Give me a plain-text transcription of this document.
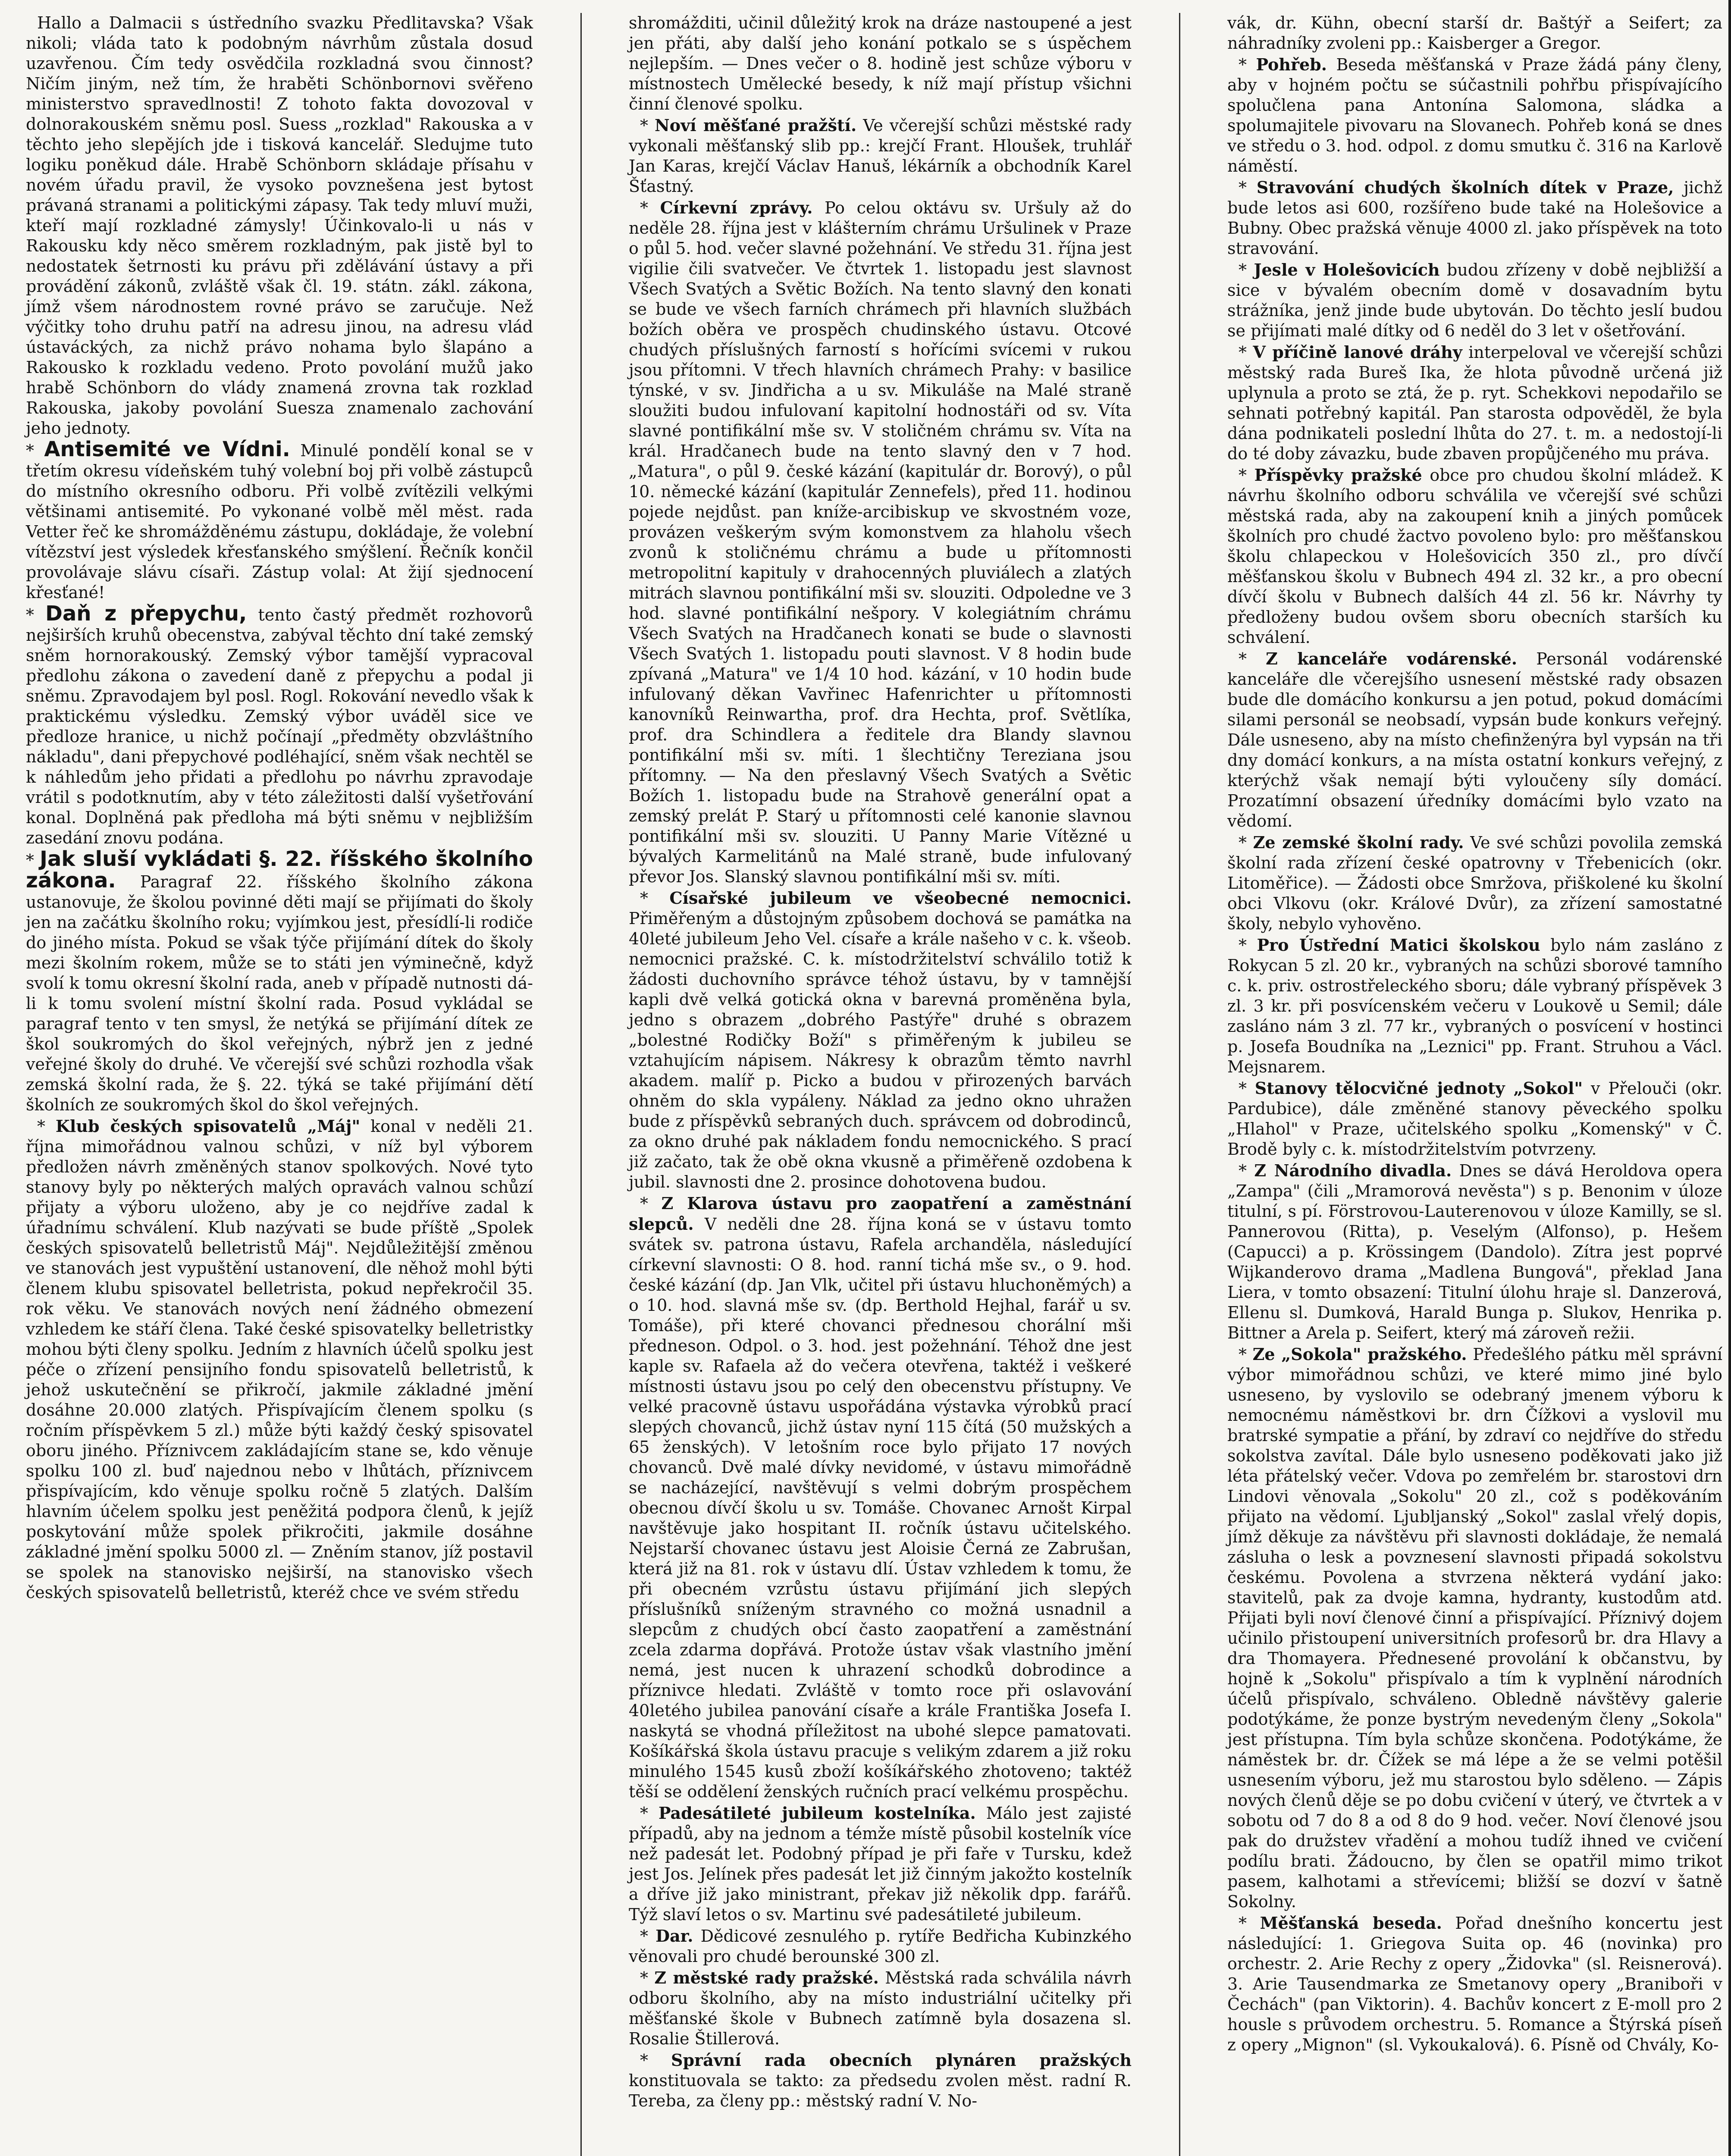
Hallo a Dalmacii s ústředního svazku Předlitavska? Však nikoli; vláda tato k podobným návrhům zůstala dosud uzavřenou. Čím tedy osvědčila rozkladná svou činnost? Ničím jiným, než tím, že hraběti Schönbornovi svěřeno ministerstvo spravedlnosti! Z tohoto fakta dovozoval v dolnorakouském sněmu posl. Suess „rozklad" Rakouska a v těchto jeho slepějích jde i tisková kancelář. Sledujme tuto logiku poněkud dále. Hrabě Schönborn skládaje přísahu v novém úřadu pravil, že vysoko povznešena jest bytost právaná stranami a politickými zápasy. Tak tedy mluví muži, kteří mají rozkladné zámysly! Účinkovalo-li u nás v Rakousku kdy něco směrem rozkladným, pak jistě byl to nedostatek šetrnosti ku právu při zdělávání ústavy a při provádění zákonů, zvláště však čl. 19. státn. zákl. zákona, jímž všem národnostem rovné právo se zaručuje. Než výčitky toho druhu patří na adresu jinou, na adresu vlád ústaváckých, za nichž právo nohama bylo šlapáno a Rakousko k rozkladu vedeno. Proto povolání mužů jako hrabě Schönborn do vlády znamená zrovna tak rozklad Rakouska, jakoby povolání Suesza znamenalo zachování jeho jednoty.

* Antisemité ve Vídni. Minulé pondělí konal se v třetím okresu vídeňském tuhý volební boj při volbě zástupců do místního okresního odboru. Při volbě zvítězili velkými většinami antisemité. Po vykonané volbě měl měst. rada Vetter řeč ke shromážděnému zástupu, dokládaje, že volební vítězství jest výsledek křesťanského smýšlení. Řečník končil provolávaje slávu císaři. Zástup volal: At žijí sjednocení křesťané!

* Daň z přepychu, tento častý předmět rozhovorů nejširších kruhů obecenstva, zabýval těchto dní také zemský sněm hornorakouský. Zemský výbor tamější vypracoval předlohu zákona o zavedení daně z přepychu a podal ji sněmu. Zpravodajem byl posl. Rogl. Rokování nevedlo však k praktickému výsledku. Zemský výbor uváděl sice ve předloze hranice, u nichž počínají „předměty obzvláštního nákladu", dani přepychové podléhající, sněm však nechtěl se k náhledům jeho přidati a předlohu po návrhu zpravodaje vrátil s podotknutím, aby v této záležitosti další vyšetřování konal. Doplněná pak předloha má býti sněmu v nejbližším zasedání znovu podána.

* Jak sluší vykládati §. 22. říšského školního zákona. Paragraf 22. říšského školního zákona ustanovuje, že školou povinné děti mají se přijímati do školy jen na začátku školního roku; vyjímkou jest, přesídlí-li rodiče do jiného místa. Pokud se však týče přijímání dítek do školy mezi školním rokem, může se to státi jen výminečně, když svolí k tomu okresní školní rada, aneb v případě nutnosti dá-li k tomu svolení místní školní rada. Posud vykládal se paragraf tento v ten smysl, že netýká se přijímání dítek ze škol soukromých do škol veřejných, nýbrž jen z jedné veřejné školy do druhé. Ve včerejší své schůzi rozhodla však zemská školní rada, že §. 22. týká se také přijímání dětí školních ze soukromých škol do škol veřejných.

* Klub českých spisovatelů „Máj" konal v neděli 21. října mimořádnou valnou schůzi, v níž byl výborem předložen návrh změněných stanov spolkových. Nové tyto stanovy byly po některých malých opravách valnou schůzí přijaty a výboru uloženo, aby je co nejdříve zadal k úřadnímu schválení. Klub nazývati se bude příště „Spolek českých spisovatelů belletristů Máj". Nejdůležitější změnou ve stanovách jest vypuštění ustanovení, dle něhož mohl býti členem klubu spisovatel belletrista, pokud nepřekročil 35. rok věku. Ve stanovách nových není žádného obmezení vzhledem ke stáří člena. Také české spisovatelky belletristky mohou býti členy spolku. Jedním z hlavních účelů spolku jest péče o zřízení pensijního fondu spisovatelů belletristů, k jehož uskutečnění se přikročí, jakmile základné jmění dosáhne 20.000 zlatých. Přispívajícím členem spolku (s ročním příspěvkem 5 zl.) může býti každý český spisovatel oboru jiného. Příznivcem zakládajícím stane se, kdo věnuje spolku 100 zl. buď najednou nebo v lhůtách, příznivcem přispívajícím, kdo věnuje spolku ročně 5 zlatých. Dalším hlavním účelem spolku jest peněžitá podpora členů, k jejíž poskytování může spolek přikročiti, jakmile dosáhne základné jmění spolku 5000 zl. — Zněním stanov, jíž postavil se spolek na stanovisko nejširší, na stanovisko všech českých spisovatelů belletristů, kteréž chce ve svém středu

shromážditi, učinil důležitý krok na dráze nastoupené a jest jen přáti, aby další jeho konání potkalo se s úspěchem nejlepším. — Dnes večer o 8. hodině jest schůze výboru v místnostech Umělecké besedy, k níž mají přístup všichni činní členové spolku.

* Noví měšťané pražští. Ve včerejší schůzi městské rady vykonali měšťanský slib pp.: krejčí Frant. Hloušek, truhlář Jan Karas, krejčí Václav Hanuš, lékárník a obchodník Karel Šťastný.

* Církevní zprávy. Po celou oktávu sv. Uršuly až do neděle 28. října jest v klášterním chrámu Uršulinek v Praze o půl 5. hod. večer slavné požehnání. Ve středu 31. října jest vigilie čili svatvečer. Ve čtvrtek 1. listopadu jest slavnost Všech Svatých a Světic Božích. Na tento slavný den konati se bude ve všech farních chrámech při hlavních službách božích oběra ve prospěch chudinského ústavu. Otcové chudých příslušných farností s hořícími svícemi v rukou jsou přítomni. V třech hlavních chrámech Prahy: v basilice týnské, v sv. Jindřicha a u sv. Mikuláše na Malé straně sloužiti budou infulovaní kapitolní hodnostáři od sv. Víta slavné pontifikální mše sv. V stoličném chrámu sv. Víta na král. Hradčanech bude na tento slavný den v 7 hod. „Matura", o půl 9. české kázání (kapitulár dr. Borový), o půl 10. německé kázání (kapitulár Zennefels), před 11. hodinou pojede nejdůst. pan kníže-arcibiskup ve skvostném voze, provázen veškerým svým komonstvem za hlaholu všech zvonů k stoličnému chrámu a bude u přítomnosti metropolitní kapituly v drahocenných pluviálech a zlatých mitrách slavnou pontifikální mši sv. slouziti. Odpoledne ve 3 hod. slavné pontifikální nešpory. V kolegiátním chrámu Všech Svatých na Hradčanech konati se bude o slavnosti Všech Svatých 1. listopadu pouti slavnost. V 8 hodin bude zpívaná „Matura" ve 1/4 10 hod. kázání, v 10 hodin bude infulovaný děkan Vavřinec Hafenrichter u přítomnosti kanovníků Reinwartha, prof. dra Hechta, prof. Světlíka, prof. dra Schindlera a ředitele dra Blandy slavnou pontifikální mši sv. míti. 1 šlechtičny Tereziana jsou přítomny. — Na den přeslavný Všech Svatých a Světic Božích 1. listopadu bude na Strahově generální opat a zemský prelát P. Starý u přítomnosti celé kanonie slavnou pontifikální mši sv. slouziti. U Panny Marie Vítězné u bývalých Karmelitánů na Malé straně, bude infulovaný převor Jos. Slanský slavnou pontifikální mši sv. míti.

* Císařské jubileum ve všeobecné nemocnici. Přiměřeným a důstojným způsobem dochová se památka na 40leté jubileum Jeho Vel. císaře a krále našeho v c. k. všeob. nemocnici pražské. C. k. místodržitelství schválilo totiž k žádosti duchovního správce téhož ústavu, by v tamnější kapli dvě velká gotická okna v barevná proměněna byla, jedno s obrazem „dobrého Pastýře" druhé s obrazem „bolestné Rodičky Boží" s přiměřeným k jubileu se vztahujícím nápisem. Nákresy k obrazům těmto navrhl akadem. malíř p. Picko a budou v přirozených barvách ohněm do skla vypáleny. Náklad za jedno okno uhražen bude z příspěvků sebraných duch. správcem od dobrodinců, za okno druhé pak nákladem fondu nemocnického. S prací již začato, tak že obě okna vkusně a přiměřeně ozdobena k jubil. slavnosti dne 2. prosince dohotovena budou.

* Z Klarova ústavu pro zaopatření a zaměstnání slepců. V neděli dne 28. října koná se v ústavu tomto svátek sv. patrona ústavu, Rafela archanděla, následující církevní slavnosti: O 8. hod. ranní tichá mše sv., o 9. hod. české kázání (dp. Jan Vlk, učitel při ústavu hluchoněmých) a o 10. hod. slavná mše sv. (dp. Berthold Hejhal, farář u sv. Tomáše), při které chovanci přednesou chorální mši předneson. Odpol. o 3. hod. jest požehnání. Téhož dne jest kaple sv. Rafaela až do večera otevřena, taktéž i veškeré místnosti ústavu jsou po celý den obecenstvu přístupny. Ve velké pracovně ústavu uspořádána výstavka výrobků prací slepých chovanců, jichž ústav nyní 115 čítá (50 mužských a 65 ženských). V letošním roce bylo přijato 17 nových chovanců. Dvě malé dívky nevidomé, v ústavu mimořádně se nacházející, navštěvují s velmi dobrým prospěchem obecnou dívčí školu u sv. Tomáše. Chovanec Arnošt Kirpal navštěvuje jako hospitant II. ročník ústavu učitelského. Nejstarší chovanec ústavu jest Aloisie Černá ze Zabrušan, která již na 81. rok v ústavu dlí. Ústav vzhledem k tomu, že při obecném vzrůstu ústavu přijímání jich slepých příslušníků sníženým stravného co možná usnadnil a slepcům z chudých obcí často zaopatření a zaměstnání zcela zdarma dopřává. Protože ústav však vlastního jmění nemá, jest nucen k uhrazení schodků dobrodince a příznivce hledati. Zvláště v tomto roce při oslavování 40letého jubilea panování císaře a krále Františka Josefa I. naskytá se vhodná příležitost na ubohé slepce pamatovati. Košíkářská škola ústavu pracuje s velikým zdarem a již roku minulého 1545 kusů zboží košíkářského zhotoveno; taktéž těší se oddělení ženských ručních prací velkému prospěchu.

* Padesátileté jubileum kostelníka. Málo jest zajisté případů, aby na jednom a témže místě působil kostelník více než padesát let. Podobný případ je při faře v Tursku, kdež jest Jos. Jelínek přes padesát let již činným jakožto kostelník a dříve již jako ministrant, překav již několik dpp. farářů. Týž slaví letos o sv. Martinu své padesátileté jubileum.

* Dar. Dědicové zesnulého p. rytíře Bedřicha Kubinzkého věnovali pro chudé berounské 300 zl.

* Z městské rady pražské. Městská rada schválila návrh odboru školního, aby na místo industriální učitelky při měšťanské škole v Bubnech zatímně byla dosazena sl. Rosalie Štillerová.

* Správní rada obecních plynáren pražských konstituovala se takto: za předsedu zvolen měst. radní R. Tereba, za členy pp.: městský radní V. No-

vák, dr. Kühn, obecní starší dr. Baštýř a Seifert; za náhradníky zvoleni pp.: Kaisberger a Gregor.

* Pohřeb. Beseda měšťanská v Praze žádá pány členy, aby v hojném počtu se súčastnili pohřbu přispívajícího spolučlena pana Antonína Salomona, sládka a spolumajitele pivovaru na Slovanech. Pohřeb koná se dnes ve středu o 3. hod. odpol. z domu smutku č. 316 na Karlově náměstí.

* Stravování chudých školních dítek v Praze, jichž bude letos asi 600, rozšířeno bude také na Holešovice a Bubny. Obec pražská věnuje 4000 zl. jako příspěvek na toto stravování.

* Jesle v Holešovicích budou zřízeny v době nejbližší a sice v bývalém obecním domě v dosavadním bytu strážníka, jenž jinde bude ubytován. Do těchto jeslí budou se přijímati malé dítky od 6 neděl do 3 let v ošetřování.

* V příčině lanové dráhy interpeloval ve včerejší schůzi městský rada Bureš Ika, že hlota původně určená již uplynula a proto se ztá, že p. ryt. Schekkovi nepodařilo se sehnati potřebný kapitál. Pan starosta odpověděl, že byla dána podnikateli poslední lhůta do 27. t. m. a nedostojí-li do té doby závazku, bude zbaven propůjčeného mu práva.

* Příspěvky pražské obce pro chudou školní mládež. K návrhu školního odboru schválila ve včerejší své schůzi městská rada, aby na zakoupení knih a jiných pomůcek školních pro chudé žactvo povoleno bylo: pro měšťanskou školu chlapeckou v Holešovicích 350 zl., pro dívčí měšťanskou školu v Bubnech 494 zl. 32 kr., a pro obecní dívčí školu v Bubnech dalších 44 zl. 56 kr. Návrhy ty předloženy budou ovšem sboru obecních starších ku schválení.

* Z kanceláře vodárenské. Personál vodárenské kanceláře dle včerejšího usnesení městské rady obsazen bude dle domácího konkursu a jen potud, pokud domácími silami personál se neobsadí, vypsán bude konkurs veřejný. Dále usneseno, aby na místo chefinženýra byl vypsán na tři dny domácí konkurs, a na místa ostatní konkurs veřejný, z kterýchž však nemají býti vyloučeny síly domácí. Prozatímní obsazení úředníky domácími bylo vzato na vědomí.

* Ze zemské školní rady. Ve své schůzi povolila zemská školní rada zřízení české opatrovny v Třebenicích (okr. Litoměřice). — Žádosti obce Smržova, přiškolené ku školní obci Vlkovu (okr. Králové Dvůr), za zřízení samostatné školy, nebylo vyhověno.

* Pro Ústřední Matici školskou bylo nám zasláno z Rokycan 5 zl. 20 kr., vybraných na schůzi sborové tamního c. k. priv. ostrostřeleckého sboru; dále vybraný příspěvek 3 zl. 3 kr. při posvícenském večeru v Loukově u Semil; dále zasláno nám 3 zl. 77 kr., vybraných o posvícení v hostinci p. Josefa Boudníka na „Leznici" pp. Frant. Struhou a Václ. Mejsnarem.

* Stanovy tělocvičné jednoty „Sokol" v Přelouči (okr. Pardubice), dále změněné stanovy pěveckého spolku „Hlahol" v Praze, učitelského spolku „Komenský" v Č. Brodě byly c. k. místodržitelstvím potvrzeny.

* Z Národního divadla. Dnes se dává Heroldova opera „Zampa" (čili „Mramorová nevěsta") s p. Benonim v úloze titulní, s pí. Förstrovou-Lauterenovou v úloze Kamilly, se sl. Pannerovou (Ritta), p. Veselým (Alfonso), p. Hešem (Capucci) a p. Krössingem (Dandolo). Zítra jest poprvé Wijkanderovo drama „Madlena Bungová", překlad Jana Liera, v tomto obsazení: Titulní úlohu hraje sl. Danzerová, Ellenu sl. Dumková, Harald Bunga p. Slukov, Henrika p. Bittner a Arela p. Seifert, který má zároveň režii.

* Ze „Sokola" pražského. Předešlého pátku měl správní výbor mimořádnou schůzi, ve které mimo jiné bylo usneseno, by vyslovilo se odebraný jmenem výboru k nemocnému náměstkovi br. drn Čížkovi a vyslovil mu bratrské sympatie a přání, by zdraví co nejdříve do středu sokolstva zavítal. Dále bylo usneseno poděkovati jako již léta přátelský večer. Vdova po zemřelém br. starostovi drn Lindovi věnovala „Sokolu" 20 zl., což s poděkováním přijato na vědomí. Ljubljanský „Sokol" zaslal vřelý dopis, jímž děkuje za návštěvu při slavnosti dokládaje, že nemalá zásluha o lesk a povznesení slavnosti připadá sokolstvu českému. Povolena a stvrzena některá vydání jako: stavitelů, pak za dvoje kamna, hydranty, kustodům atd. Přijati byli noví členové činní a přispívající. Příznivý dojem učinilo přistoupení universitních profesorů br. dra Hlavy a dra Thomayera. Přednesené provolání k občanstvu, by hojně k „Sokolu" přispívalo a tím k vyplnění národních účelů přispívalo, schváleno. Obledně návštěvy galerie podotýkáme, že ponze bystrým nevedeným členy „Sokola" jest přístupna. Tím byla schůze skončena. Podotýkáme, že náměstek br. dr. Čížek se má lépe a že se velmi potěšil usnesením výboru, jež mu starostou bylo sděleno. — Zápis nových členů děje se po dobu cvičení v úterý, ve čtvrtek a v sobotu od 7 do 8 a od 8 do 9 hod. večer. Noví členové jsou pak do družstev vřadění a mohou tudíž ihned ve cvičení podílu brati. Žádoucno, by člen se opatřil mimo trikot pasem, kalhotami a střevícemi; bližší se dozví v šatně Sokolny.

* Měšťanská beseda. Pořad dnešního koncertu jest následující: 1. Griegova Suita op. 46 (novinka) pro orchestr. 2. Arie Rechy z opery „Židovka" (sl. Reisnerová). 3. Arie Tausendmarka ze Smetanovy opery „Braniboři v Čechách" (pan Viktorin). 4. Bachův koncert z E-moll pro 2 housle s průvodem orchestru. 5. Romance a Štýrská píseň z opery „Mignon" (sl. Vykoukalová). 6. Písně od Chvály, Ko-
